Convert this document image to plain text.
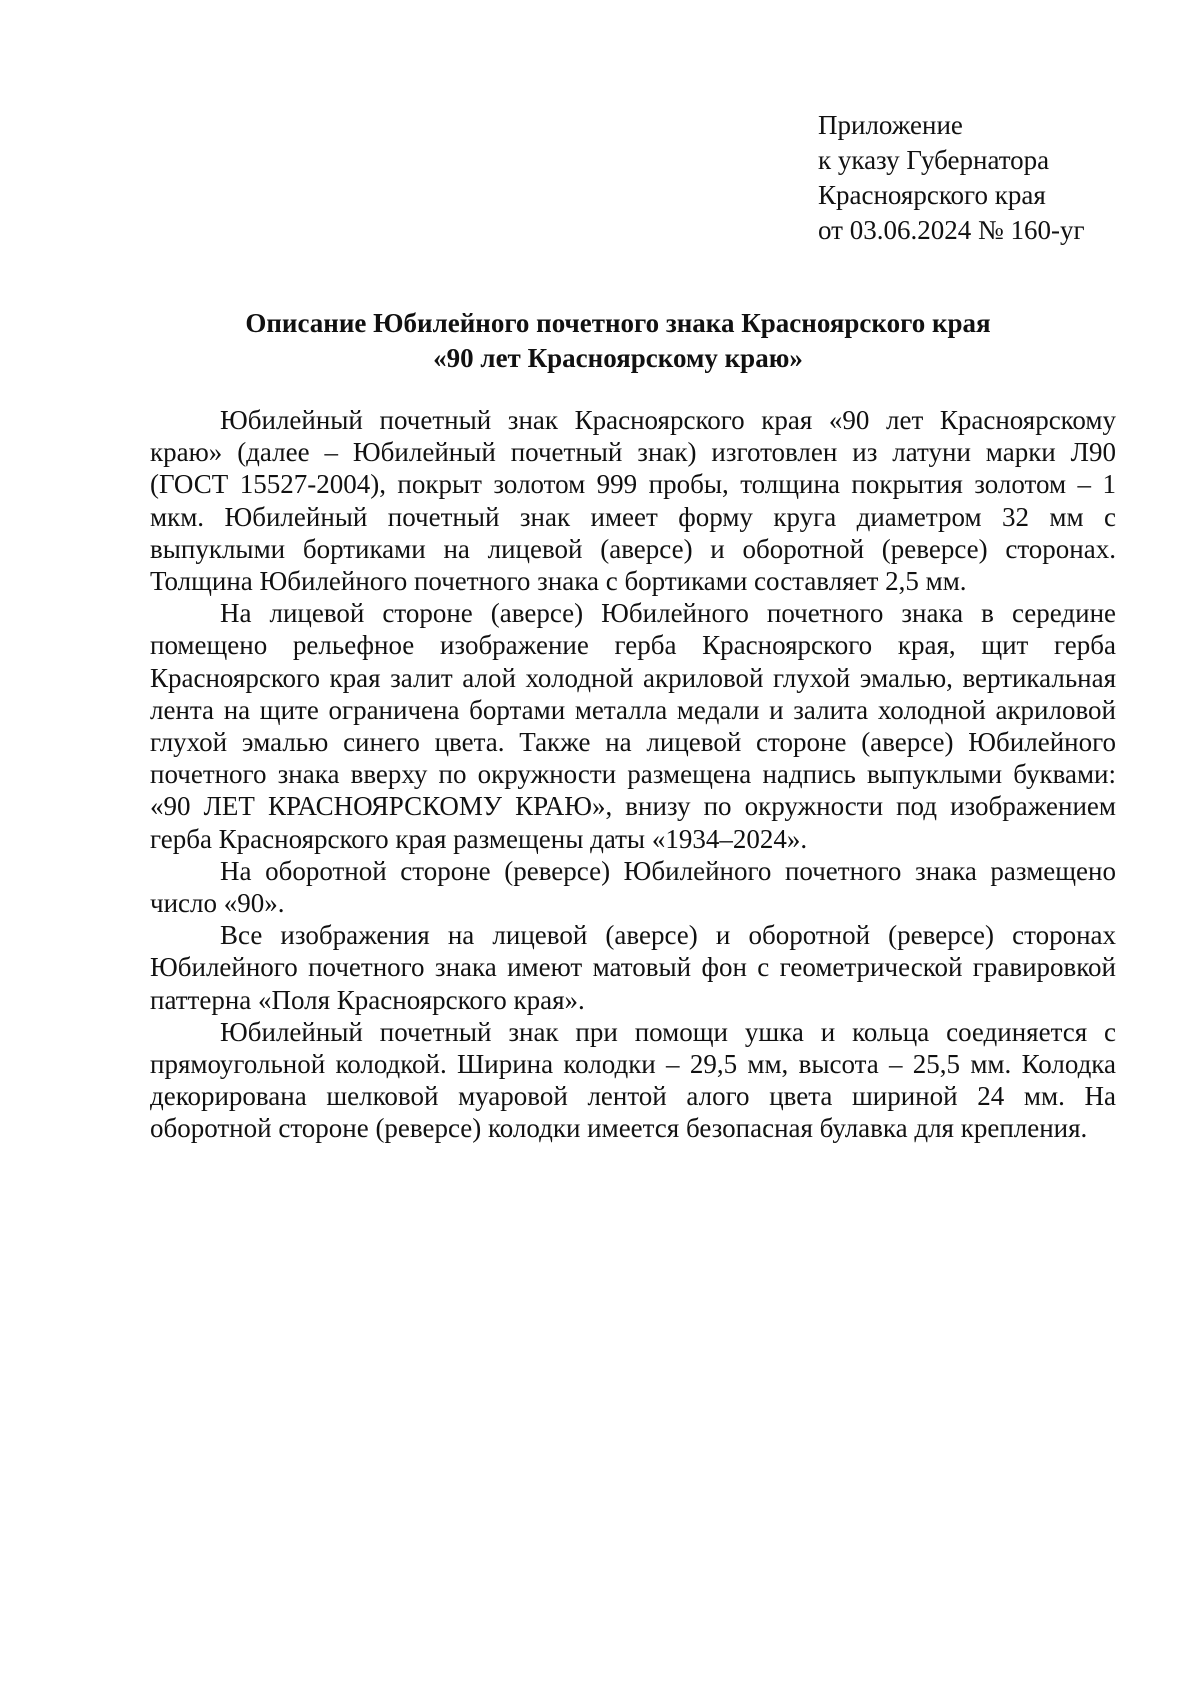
Приложение
к указу Губернатора
Красноярского края
от 03.06.2024 № 160-уг
Описание Юбилейного почетного знака Красноярского края
«90 лет Красноярскому краю»

Юбилейный почетный знак Красноярского края «90 лет Красноярскому краю» (далее – Юбилейный почетный знак) изготовлен из латуни марки Л90 (ГОСТ 15527-2004), покрыт золотом 999 пробы, толщина покрытия золотом – 1 мкм. Юбилейный почетный знак имеет форму круга диаметром 32 мм с выпуклыми бортиками на лицевой (аверсе) и оборотной (реверсе) сторонах. Толщина Юбилейного почетного знака с бортиками составляет 2,5 мм.

На лицевой стороне (аверсе) Юбилейного почетного знака в середине помещено рельефное изображение герба Красноярского края, щит герба Красноярского края залит алой холодной акриловой глухой эмалью, вертикальная лента на щите ограничена бортами металла медали и залита холодной акриловой глухой эмалью синего цвета. Также на лицевой стороне (аверсе) Юбилейного почетного знака вверху по окружности размещена надпись выпуклыми буквами: «90 ЛЕТ КРАСНОЯРСКОМУ КРАЮ», внизу по окружности под изображением герба Красноярского края размещены даты «1934–2024».

На оборотной стороне (реверсе) Юбилейного почетного знака размещено число «90».

Все изображения на лицевой (аверсе) и оборотной (реверсе) сторонах Юбилейного почетного знака имеют матовый фон с геометрической гравировкой паттерна «Поля Красноярского края».

Юбилейный почетный знак при помощи ушка и кольца соединяется с прямоугольной колодкой. Ширина колодки – 29,5 мм, высота – 25,5 мм. Колодка декорирована шелковой муаровой лентой алого цвета шириной 24 мм. На оборотной стороне (реверсе) колодки имеется безопасная булавка для крепления.
